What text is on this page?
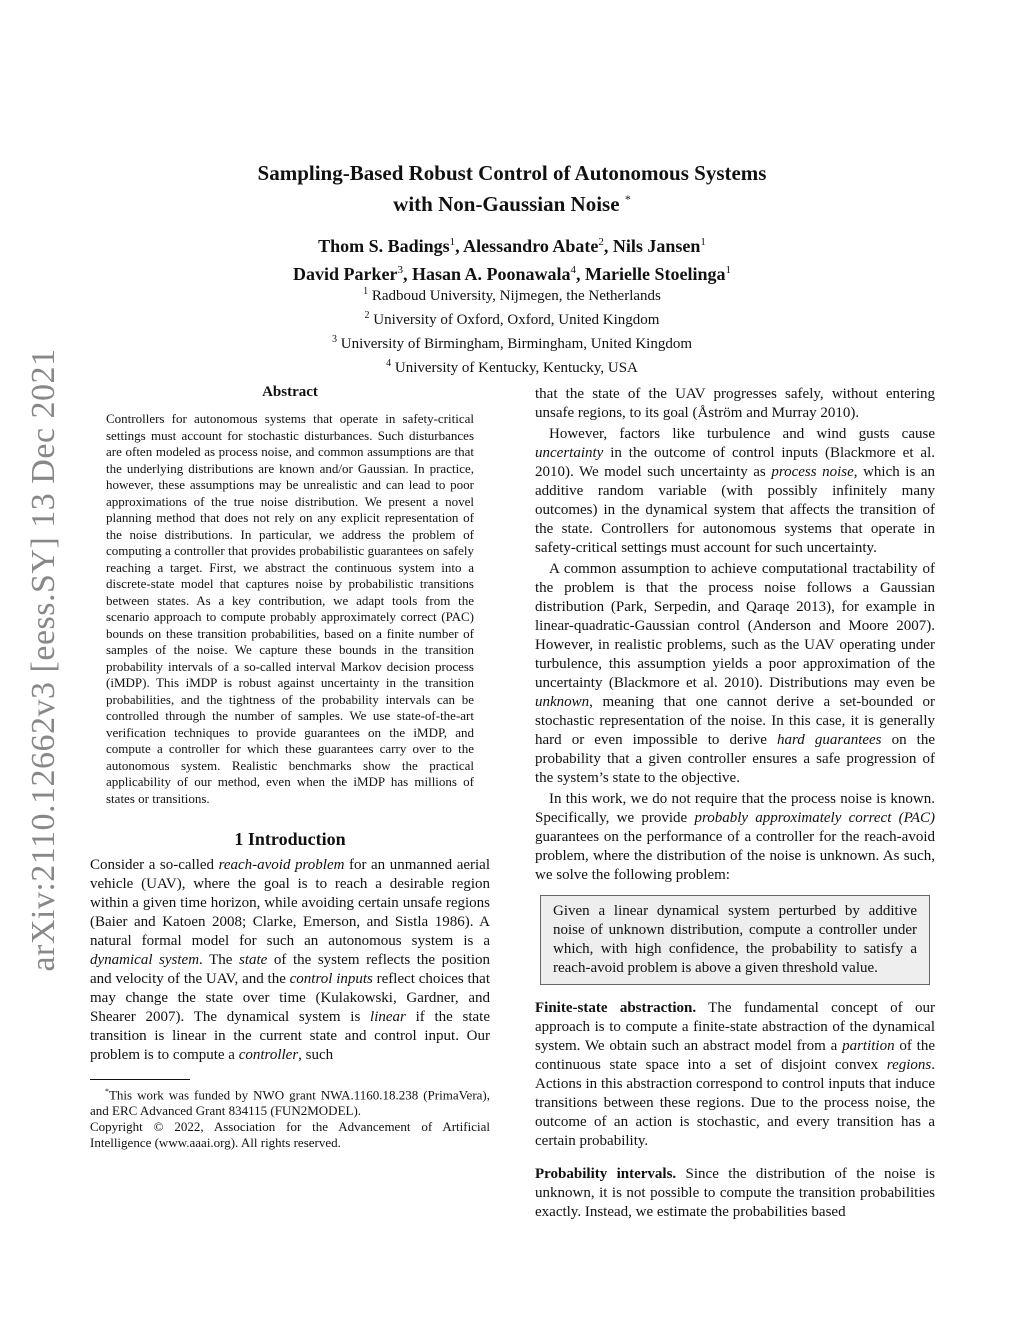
arXiv:2110.12662v3 [eess.SY] 13 Dec 2021
Sampling-Based Robust Control of Autonomous Systems
with Non-Gaussian Noise *
Thom S. Badings$^1$, Alessandro Abate$^2$, Nils Jansen$^1$
David Parker$^3$, Hasan A. Poonawala$^4$, Marielle Stoelinga$^1$
$^1$ Radboud University, Nijmegen, the Netherlands
$^2$ University of Oxford, Oxford, United Kingdom
$^3$ University of Birmingham, Birmingham, United Kingdom
$^4$ University of Kentucky, Kentucky, USA
Abstract

Controllers for autonomous systems that operate in safety-critical settings must account for stochastic disturbances. Such disturbances are often modeled as process noise, and common assumptions are that the underlying distributions are known and/or Gaussian. In practice, however, these assumptions may be unrealistic and can lead to poor approximations of the true noise distribution. We present a novel planning method that does not rely on any explicit representation of the noise distributions. In particular, we address the problem of computing a controller that provides probabilistic guarantees on safely reaching a target. First, we abstract the continuous system into a discrete-state model that captures noise by probabilistic transitions between states. As a key contribution, we adapt tools from the scenario approach to compute probably approximately correct (PAC) bounds on these transition probabilities, based on a finite number of samples of the noise. We capture these bounds in the transition probability intervals of a so-called interval Markov decision process (iMDP). This iMDP is robust against uncertainty in the transition probabilities, and the tightness of the probability intervals can be controlled through the number of samples. We use state-of-the-art verification techniques to provide guarantees on the iMDP, and compute a controller for which these guarantees carry over to the autonomous system. Realistic benchmarks show the practical applicability of our method, even when the iMDP has millions of states or transitions.

1 Introduction

Consider a so-called reach-avoid problem for an unmanned aerial vehicle (UAV), where the goal is to reach a desirable region within a given time horizon, while avoiding certain unsafe regions (Baier and Katoen 2008; Clarke, Emerson, and Sistla 1986). A natural formal model for such an autonomous system is a dynamical system. The state of the system reflects the position and velocity of the UAV, and the control inputs reflect choices that may change the state over time (Kulakowski, Gardner, and Shearer 2007). The dynamical system is linear if the state transition is linear in the current state and control input. Our problem is to compute a controller, such

*This work was funded by NWO grant NWA.1160.18.238 (PrimaVera), and ERC Advanced Grant 834115 (FUN2MODEL).

Copyright © 2022, Association for the Advancement of Artificial Intelligence (www.aaai.org). All rights reserved.

that the state of the UAV progresses safely, without entering unsafe regions, to its goal (Åström and Murray 2010).

However, factors like turbulence and wind gusts cause uncertainty in the outcome of control inputs (Blackmore et al. 2010). We model such uncertainty as process noise, which is an additive random variable (with possibly infinitely many outcomes) in the dynamical system that affects the transition of the state. Controllers for autonomous systems that operate in safety-critical settings must account for such uncertainty.

A common assumption to achieve computational tractability of the problem is that the process noise follows a Gaussian distribution (Park, Serpedin, and Qaraqe 2013), for example in linear-quadratic-Gaussian control (Anderson and Moore 2007). However, in realistic problems, such as the UAV operating under turbulence, this assumption yields a poor approximation of the uncertainty (Blackmore et al. 2010). Distributions may even be unknown, meaning that one cannot derive a set-bounded or stochastic representation of the noise. In this case, it is generally hard or even impossible to derive hard guarantees on the probability that a given controller ensures a safe progression of the system’s state to the objective.

In this work, we do not require that the process noise is known. Specifically, we provide probably approximately correct (PAC) guarantees on the performance of a controller for the reach-avoid problem, where the distribution of the noise is unknown. As such, we solve the following problem:

Given a linear dynamical system perturbed by additive noise of unknown distribution, compute a controller under which, with high confidence, the probability to satisfy a reach-avoid problem is above a given threshold value.

Finite-state abstraction. The fundamental concept of our approach is to compute a finite-state abstraction of the dynamical system. We obtain such an abstract model from a partition of the continuous state space into a set of disjoint convex regions. Actions in this abstraction correspond to control inputs that induce transitions between these regions. Due to the process noise, the outcome of an action is stochastic, and every transition has a certain probability.

Probability intervals. Since the distribution of the noise is unknown, it is not possible to compute the transition probabilities exactly. Instead, we estimate the probabilities based
